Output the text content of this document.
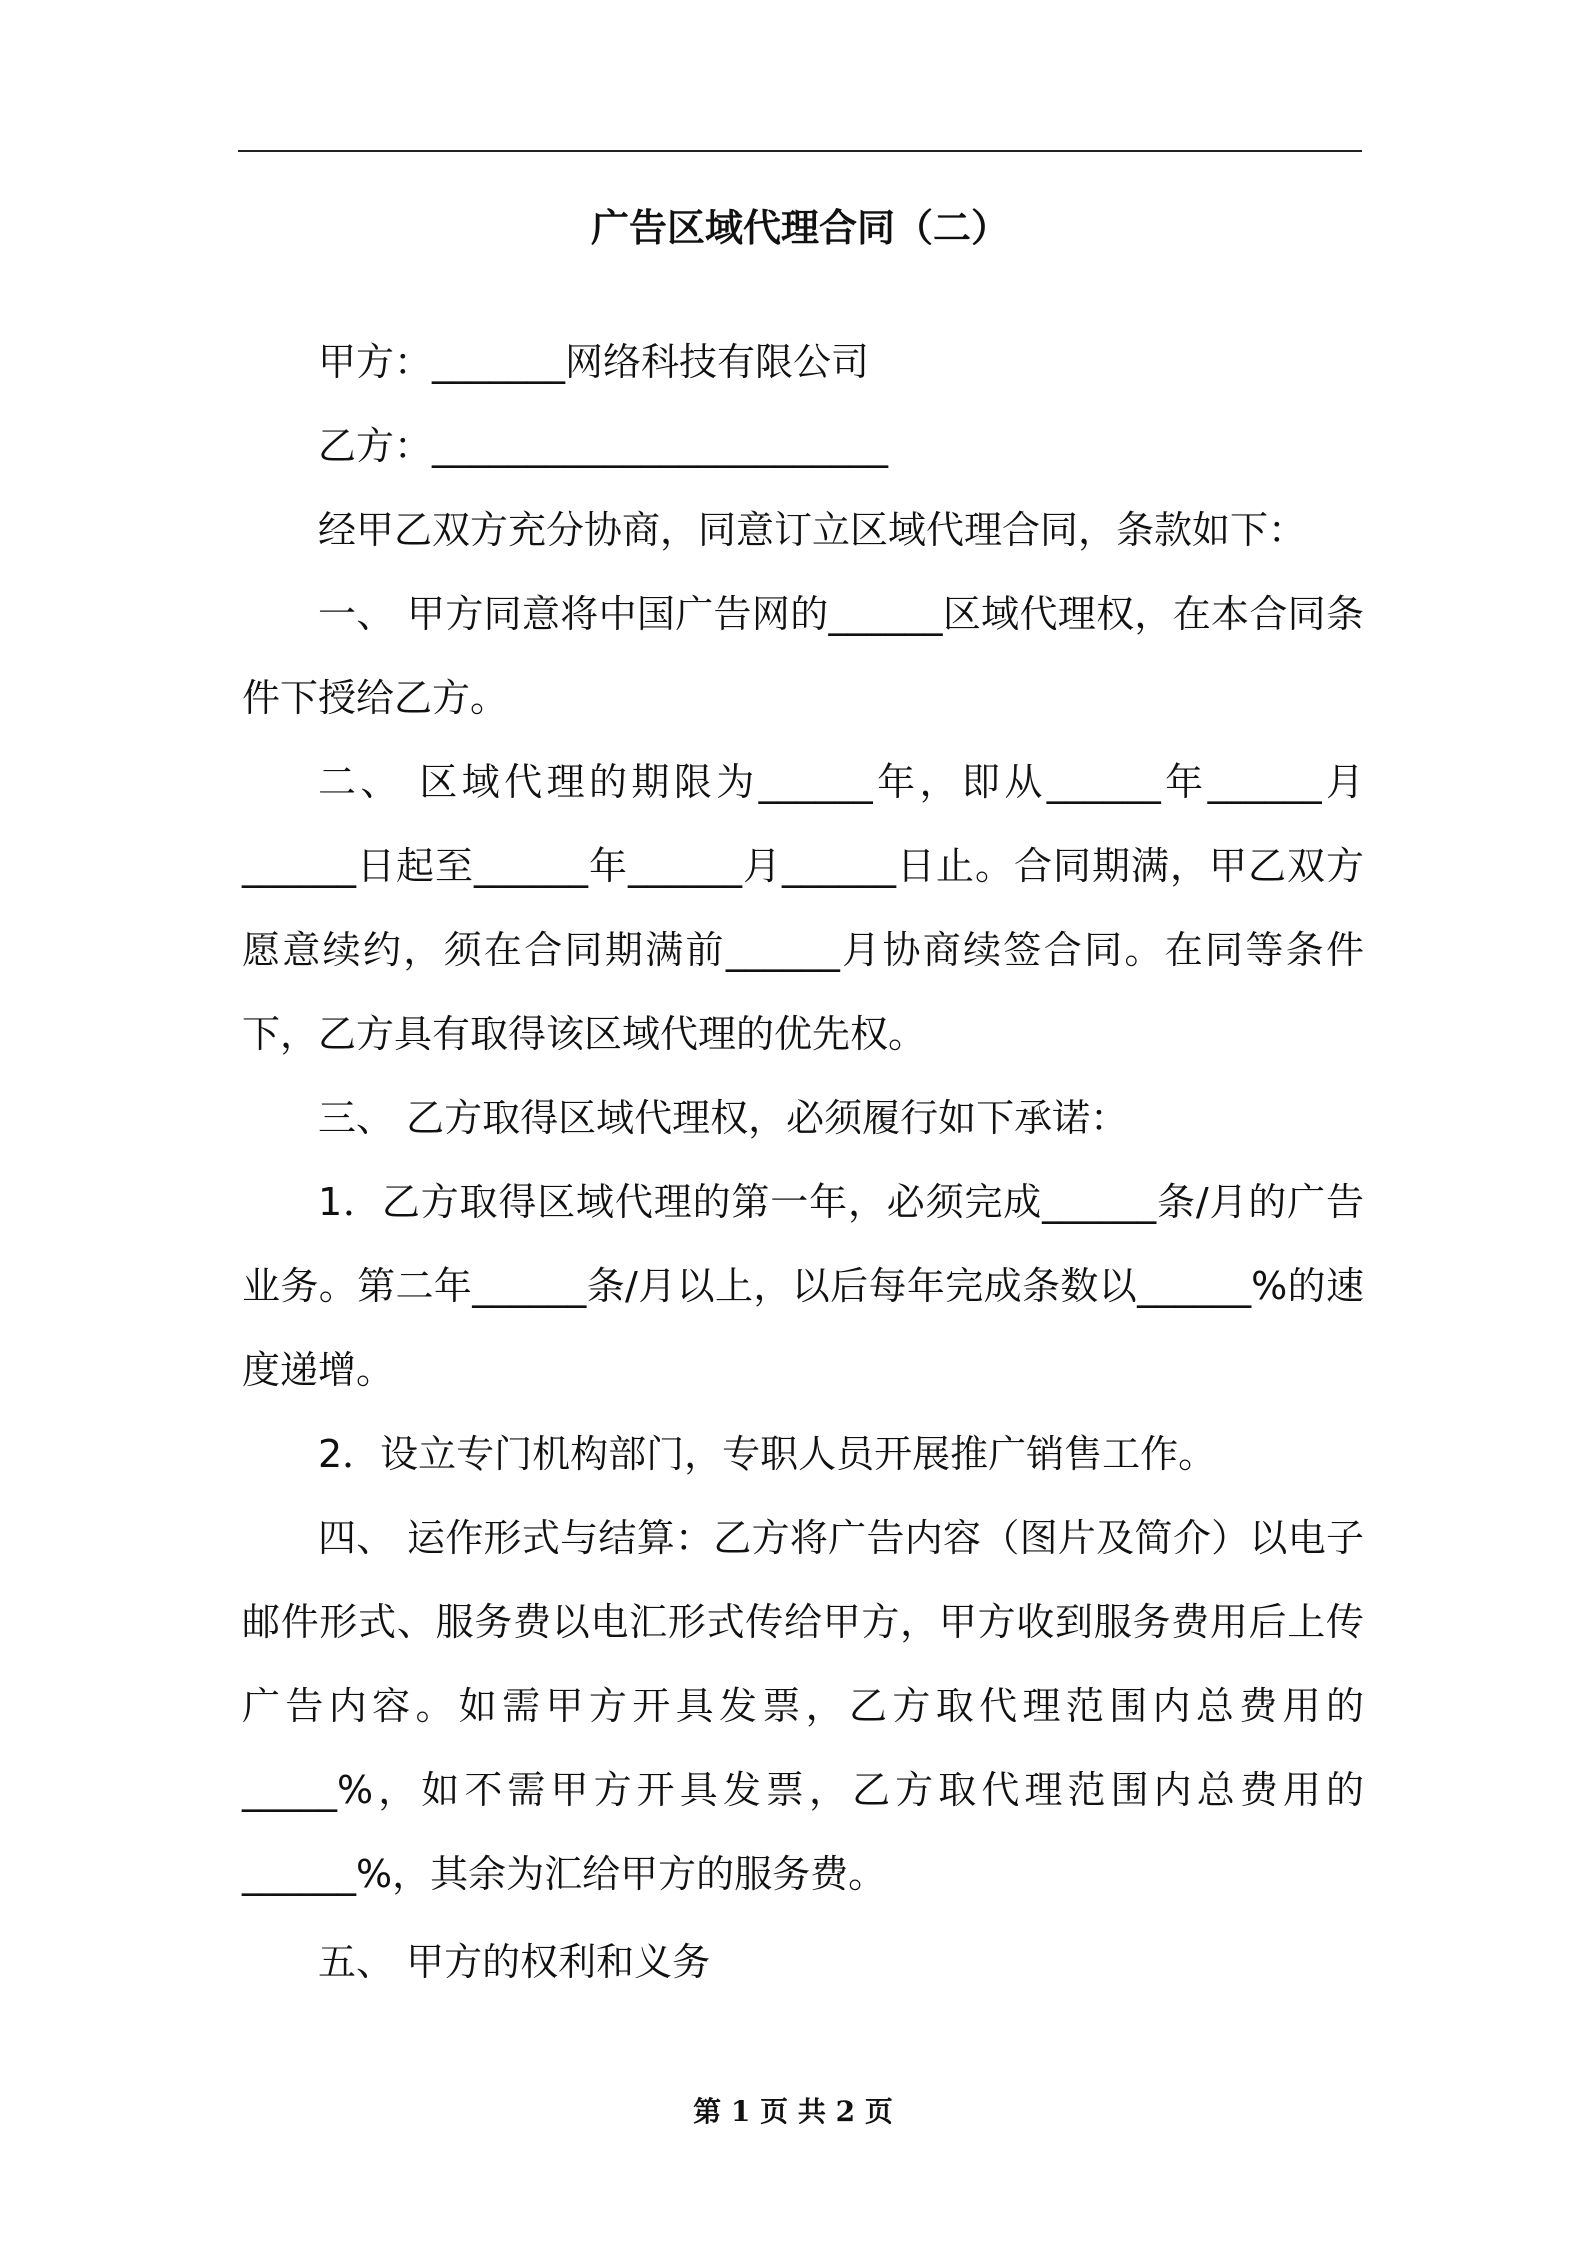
广告区域代理合同（二）

甲方：_______网络科技有限公司

乙方：________________________

经甲乙双方充分协商，同意订立区域代理合同，条款如下：

一、 甲方同意将中国广告网的______区域代理权，在本合同条件下授给乙方。

二、 区域代理的期限为______年，即从______年______月______日起至______年______月______日止。合同期满，甲乙双方愿意续约，须在合同期满前______月协商续签合同。在同等条件下，乙方具有取得该区域代理的优先权。

三、 乙方取得区域代理权，必须履行如下承诺：

1．乙方取得区域代理的第一年，必须完成______条/月的广告业务。第二年______条/月以上，以后每年完成条数以______%的速度递增。

2．设立专门机构部门，专职人员开展推广销售工作。

四、 运作形式与结算：乙方将广告内容（图片及简介）以电子邮件形式、服务费以电汇形式传给甲方，甲方收到服务费用后上传广告内容。如需甲方开具发票，乙方取代理范围内总费用的_____%，如不需甲方开具发票，乙方取代理范围内总费用的______%，其余为汇给甲方的服务费。

五、 甲方的权利和义务

第 1 页 共 2 页
